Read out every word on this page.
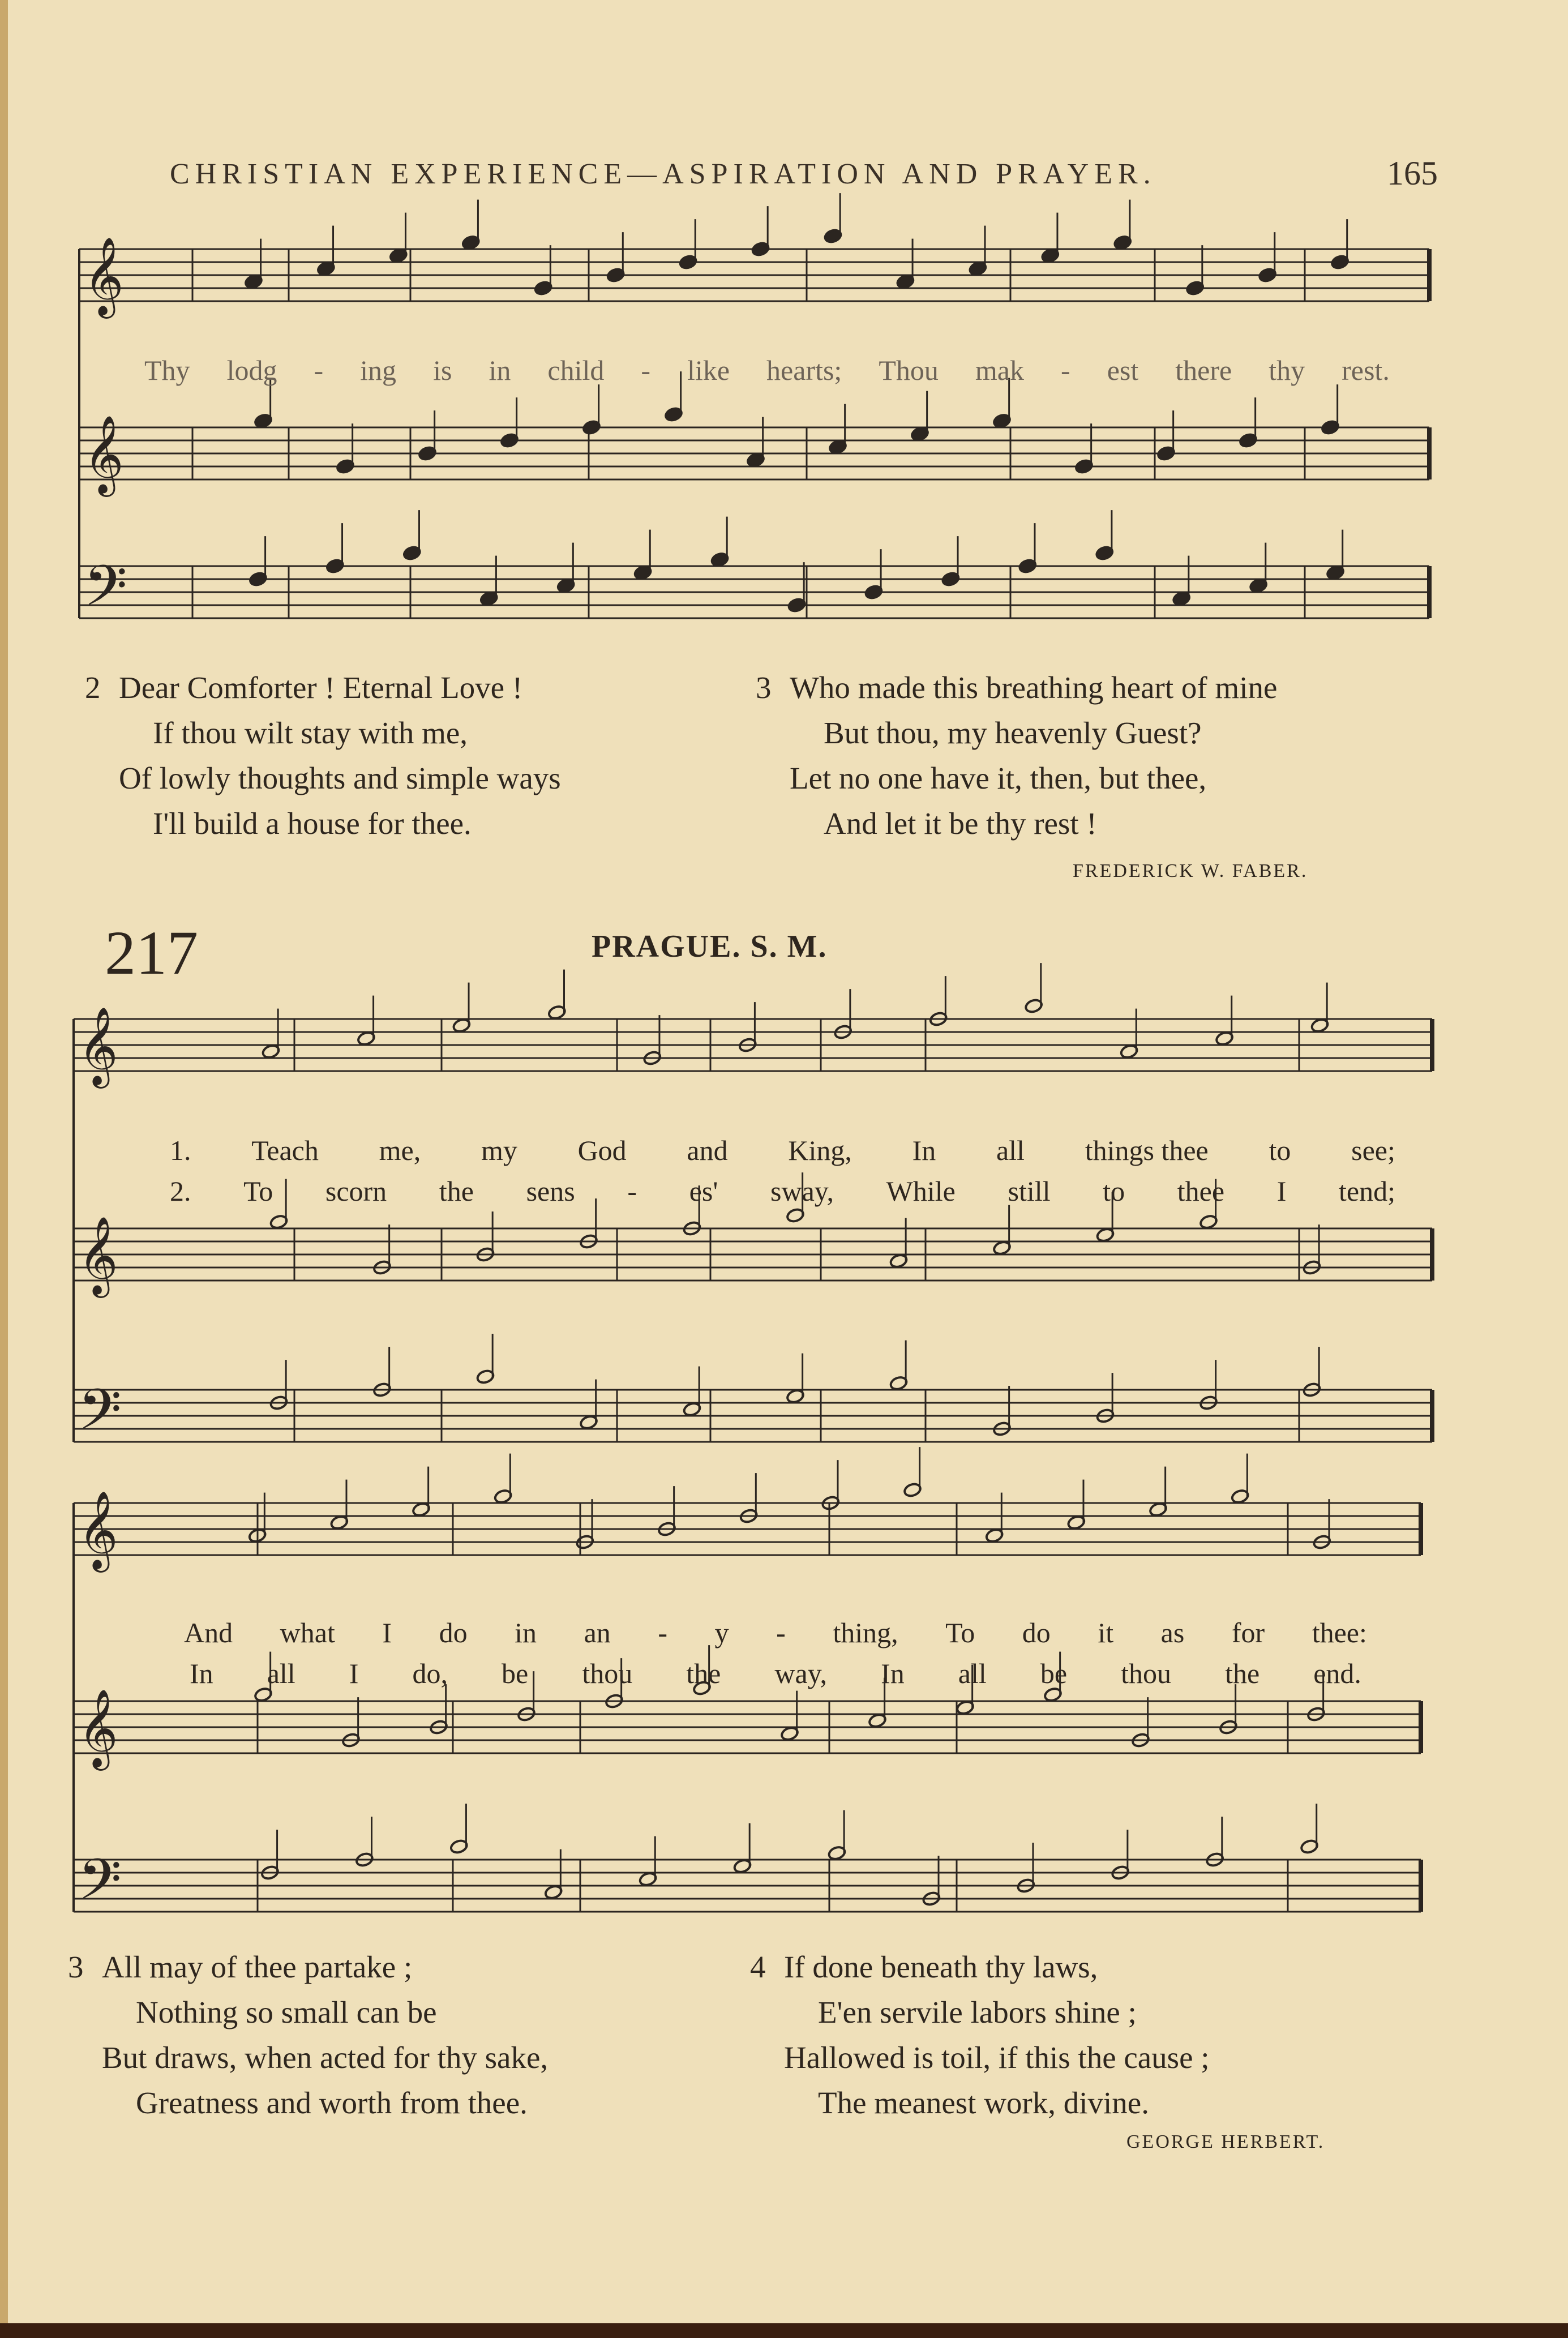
CHRISTIAN EXPERIENCE—ASPIRATION AND PRAYER.	165
𝄞
𝄞
𝄢
𝄞
𝄞
𝄢
𝄞
𝄞
𝄢
Thy lodg - ing is in child - like hearts; Thou mak - est there thy rest.
2 Dear Comforter ! Eternal Love !
If thou wilt stay with me,
Of lowly thoughts and simple ways
I'll build a house for thee.
3 Who made this breathing heart of mine
But thou, my heavenly Guest?
Let no one have it, then, but thee,
And let it be thy rest !
FREDERICK W. FABER.
217	PRAGUE. S. M.
1. Teach me, my God and King, In all things thee to see;
2. To scorn the sens - es' sway, While still to thee I tend;
And what I do in an - y - thing, To do it as for thee:
In all I do, be thou the way, In all be thou the end.
3 All may of thee partake ;
Nothing so small can be
But draws, when acted for thy sake,
Greatness and worth from thee.
4 If done beneath thy laws,
E'en servile labors shine ;
Hallowed is toil, if this the cause ;
The meanest work, divine.
GEORGE HERBERT.
